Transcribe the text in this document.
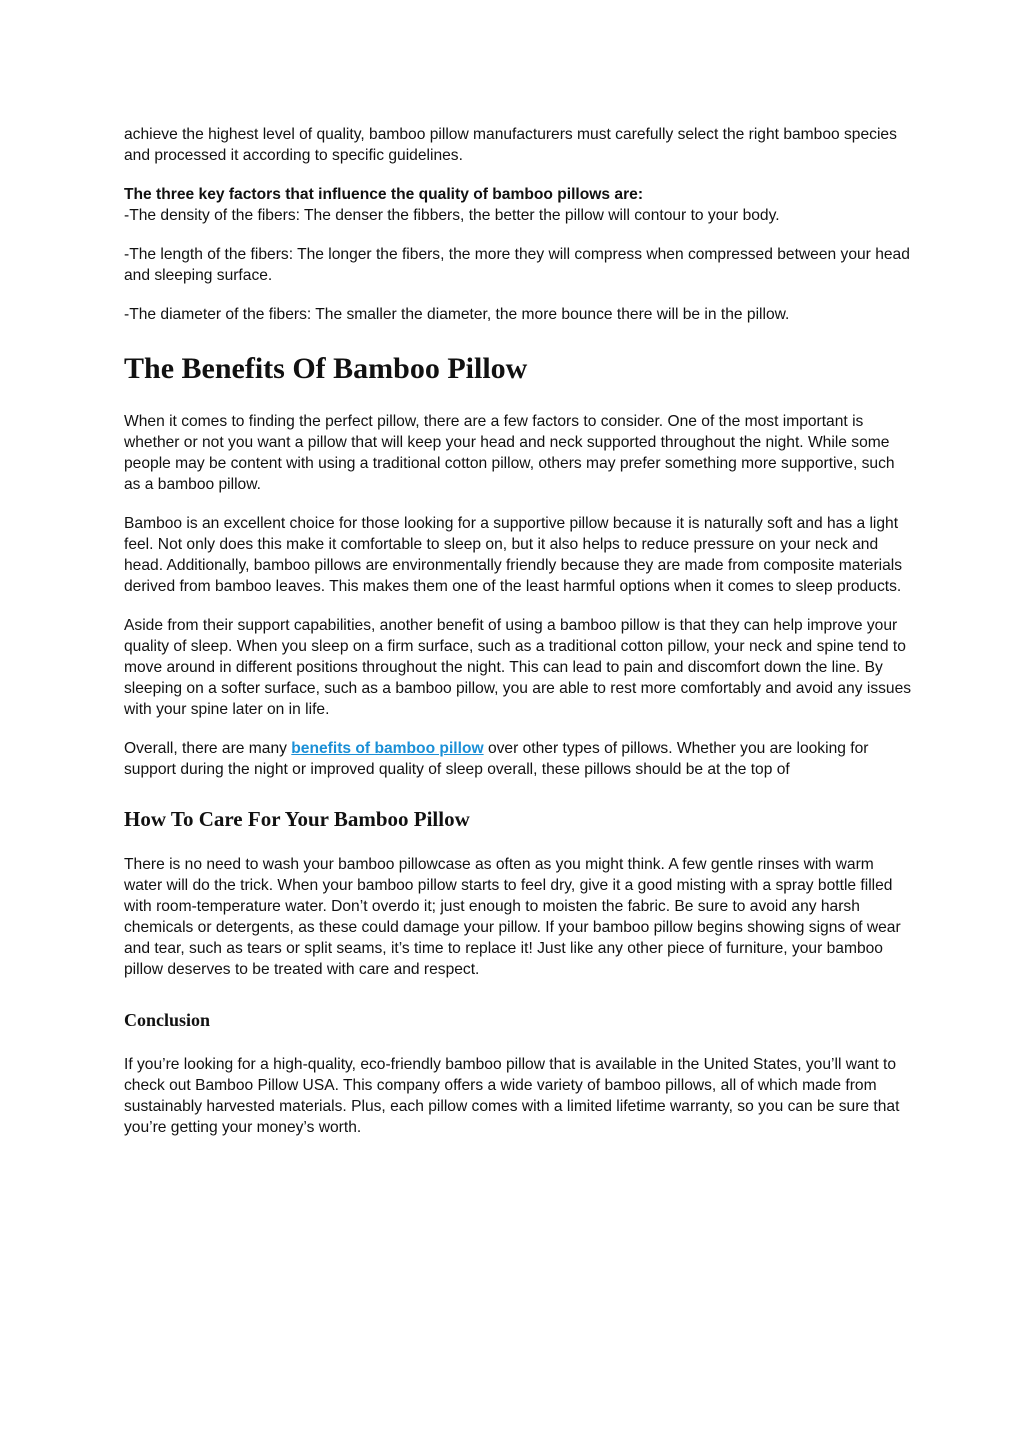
achieve the highest level of quality, bamboo pillow manufacturers must carefully select the right bamboo species and processed it according to specific guidelines.

The three key factors that influence the quality of bamboo pillows are:
-The density of the fibers: The denser the fibbers, the better the pillow will contour to your body.

-The length of the fibers: The longer the fibers, the more they will compress when compressed between your head and sleeping surface.

-The diameter of the fibers: The smaller the diameter, the more bounce there will be in the pillow.

The Benefits Of Bamboo Pillow

When it comes to finding the perfect pillow, there are a few factors to consider. One of the most important is whether or not you want a pillow that will keep your head and neck supported throughout the night. While some people may be content with using a traditional cotton pillow, others may prefer something more supportive, such as a bamboo pillow.

Bamboo is an excellent choice for those looking for a supportive pillow because it is naturally soft and has a light feel. Not only does this make it comfortable to sleep on, but it also helps to reduce pressure on your neck and head. Additionally, bamboo pillows are environmentally friendly because they are made from composite materials derived from bamboo leaves. This makes them one of the least harmful options when it comes to sleep products.

Aside from their support capabilities, another benefit of using a bamboo pillow is that they can help improve your quality of sleep. When you sleep on a firm surface, such as a traditional cotton pillow, your neck and spine tend to move around in different positions throughout the night. This can lead to pain and discomfort down the line. By sleeping on a softer surface, such as a bamboo pillow, you are able to rest more comfortably and avoid any issues with your spine later on in life.

Overall, there are many benefits of bamboo pillow over other types of pillows. Whether you are looking for support during the night or improved quality of sleep overall, these pillows should be at the top of

How To Care For Your Bamboo Pillow

There is no need to wash your bamboo pillowcase as often as you might think. A few gentle rinses with warm water will do the trick. When your bamboo pillow starts to feel dry, give it a good misting with a spray bottle filled with room-temperature water. Don’t overdo it; just enough to moisten the fabric. Be sure to avoid any harsh chemicals or detergents, as these could damage your pillow. If your bamboo pillow begins showing signs of wear and tear, such as tears or split seams, it’s time to replace it! Just like any other piece of furniture, your bamboo pillow deserves to be treated with care and respect.

Conclusion

If you’re looking for a high-quality, eco-friendly bamboo pillow that is available in the United States, you’ll want to check out Bamboo Pillow USA. This company offers a wide variety of bamboo pillows, all of which made from sustainably harvested materials. Plus, each pillow comes with a limited lifetime warranty, so you can be sure that you’re getting your money’s worth.
